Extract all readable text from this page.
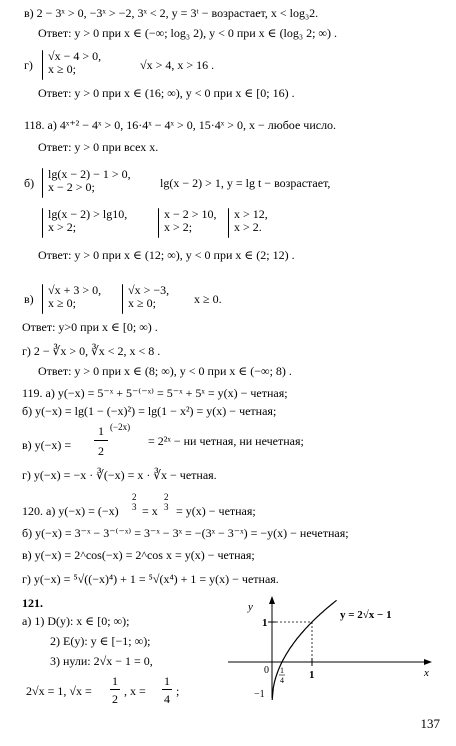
в) 2 − 3ˣ > 0, −3ˣ > −2, 3ˣ < 2, y = 3ᵗ − возрастает, x < log₃2.
Ответ: y > 0 при x ∈ (−∞; log₃ 2), y < 0 при x ∈ (log₃ 2; ∞) .
г)
√x − 4 > 0,
x ≥ 0;	√x > 4, x > 16 .
Ответ: y > 0 при x ∈ (16; ∞), y < 0 при x ∈ [0; 16) .
118. а) 4ˣ⁺² − 4ˣ > 0, 16·4ˣ − 4ˣ > 0, 15·4ˣ > 0, x − любое число.
Ответ: y > 0 при всех x.
б)
lg(x − 2) − 1 > 0,
x − 2 > 0;	lg(x − 2) > 1, y = lg t − возрастает,
lg(x − 2) > lg10,
x > 2;
x − 2 > 10,
x > 2;
x > 12,
x > 2.
Ответ: y > 0 при x ∈ (12; ∞), y < 0 при x ∈ (2; 12) .
в)
√x + 3 > 0,
x ≥ 0;
√x > −3,
x ≥ 0;	x ≥ 0.
Ответ: y>0 при x ∈ [0; ∞) .
г) 2 − ∛x > 0, ∛x < 2, x < 8 .
Ответ: y > 0 при x ∈ (8; ∞), y < 0 при x ∈ (−∞; 8) .
119. а) y(−x) = 5⁻ˣ + 5⁻⁽⁻ˣ⁾ = 5⁻ˣ + 5ˣ = y(x) − четная;
б) y(−x) = lg(1 − (−x)²) = lg(1 − x²) = y(x) − четная;
в) y(−x) =
1
2
(−2x)
= 2²ˣ − ни четная, ни нечетная;
г) y(−x) = −x · ∛(−x) = x · ∛x − четная.
120. а) y(−x) = (−x)
2
3 = x
2
3 = y(x) − четная;
б) y(−x) = 3⁻ˣ − 3⁻⁽⁻ˣ⁾ = 3⁻ˣ − 3ˣ = −(3ˣ − 3⁻ˣ) = −y(x) − нечетная;
в) y(−x) = 2^cos(−x) = 2^cos x = y(x) − четная;
г) y(−x) = ⁵√((−x)⁴) + 1 = ⁵√(x⁴) + 1 = y(x) − четная.
121.
а) 1) D(y): x ∈ [0; ∞);
2) E(y): y ∈ [−1; ∞);
3) нули: 2√x − 1 = 0,
2√x = 1, √x =
1
2
, x =
1
4
;
y
x
1
1
0 1
4
−1
y = 2√x − 1
137
